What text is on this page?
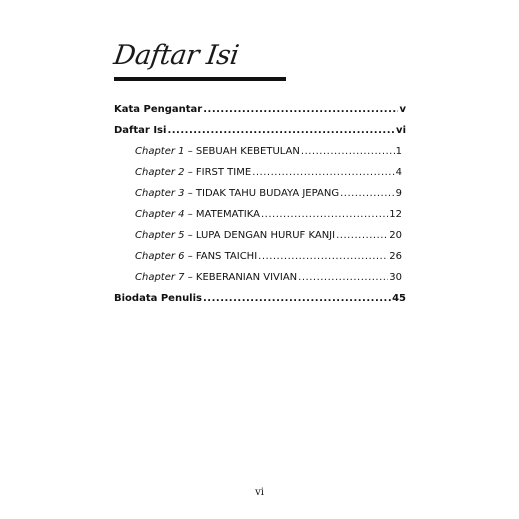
Daftar Isi
Kata Pengantar .....	v
Daftar Isi .....	vi
Chapter 1 – SEBUAH KEBETULAN .....	1
Chapter 2 – FIRST TIME .....	4
Chapter 3 – TIDAK TAHU BUDAYA JEPANG .....	9
Chapter 4 – MATEMATIKA .....	12
Chapter 5 – LUPA DENGAN HURUF KANJI .....	20
Chapter 6 – FANS TAICHI .....	26
Chapter 7 – KEBERANIAN VIVIAN .....	30
Biodata Penulis .....	45
vi
